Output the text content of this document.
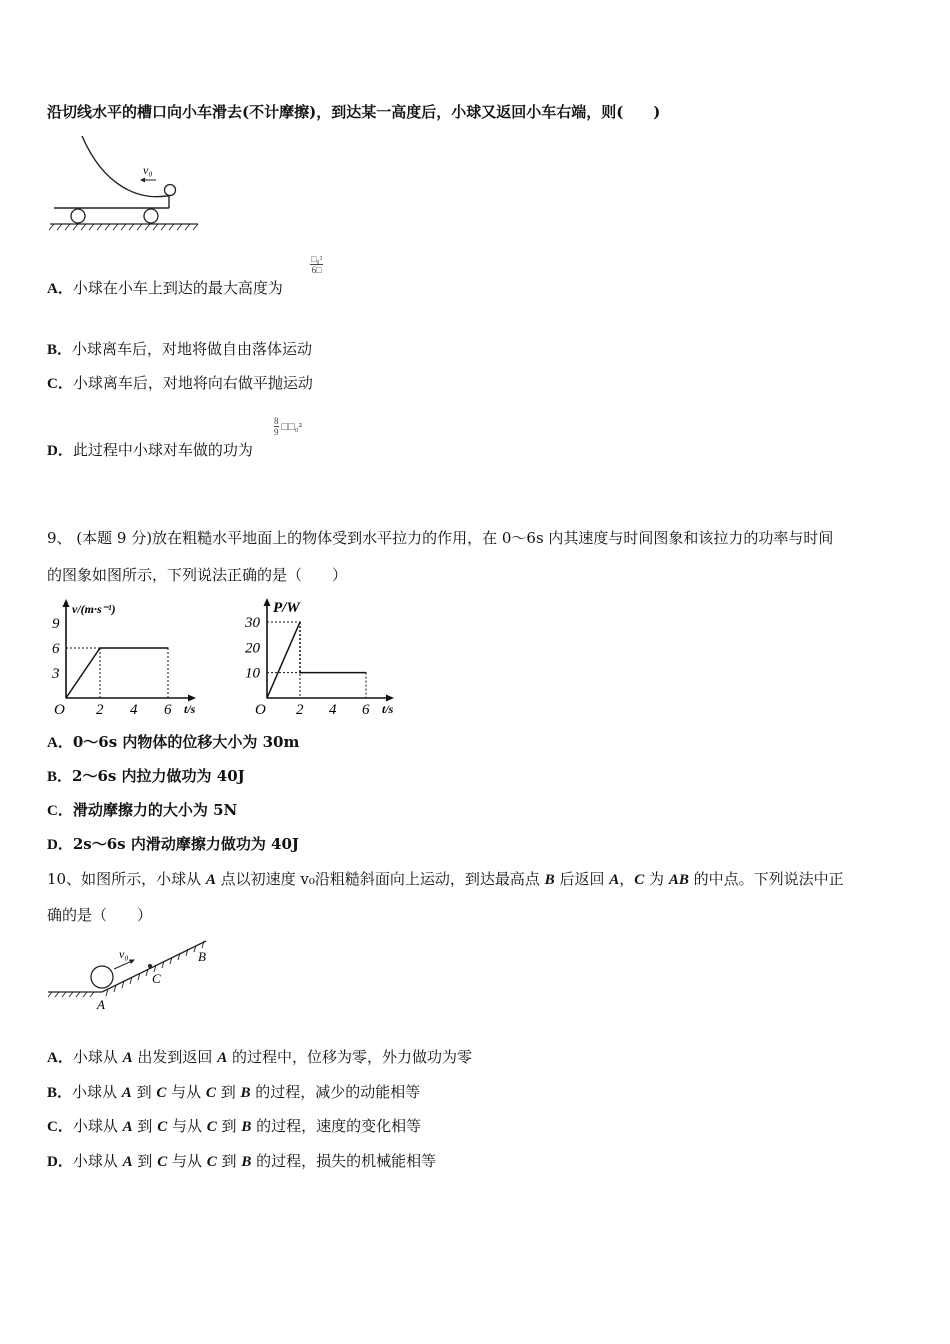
沿切线水平的槽口向小车滑去(不计摩擦)，到达某一高度后，小球又返回小车右端，则(　　)
v₀
A．小球在小车上到达的最大高度为
□₀²
6□
B．小球离车后，对地将做自由落体运动
C．小球离车后，对地将向右做平抛运动
D．此过程中小球对车做的功为
8
9 □□₀²
9、 (本题 9 分)放在粗糙水平地面上的物体受到水平拉力的作用，在 0～6s 内其速度与时间图象和该拉力的功率与时间
的图象如图所示，下列说法正确的是（　　）
v/(m·s⁻¹)
t/s
O 2 4 6
3
6
9
P/W
t/s
O 2 4 6
10
20
30
A．0～6s 内物体的位移大小为 30m
B．2～6s 内拉力做功为 40J
C．滑动摩擦力的大小为 5N
D．2s～6s 内滑动摩擦力做功为 40J
10、如图所示，小球从 A 点以初速度 v₀沿粗糙斜面向上运动，到达最高点 B 后返回 A，C 为 AB 的中点。下列说法中正
确的是（　　）
v₀
C
B
A
A．小球从 A 出发到返回 A 的过程中，位移为零，外力做功为零
B．小球从 A 到 C 与从 C 到 B 的过程，减少的动能相等
C．小球从 A 到 C 与从 C 到 B 的过程，速度的变化相等
D．小球从 A 到 C 与从 C 到 B 的过程，损失的机械能相等
